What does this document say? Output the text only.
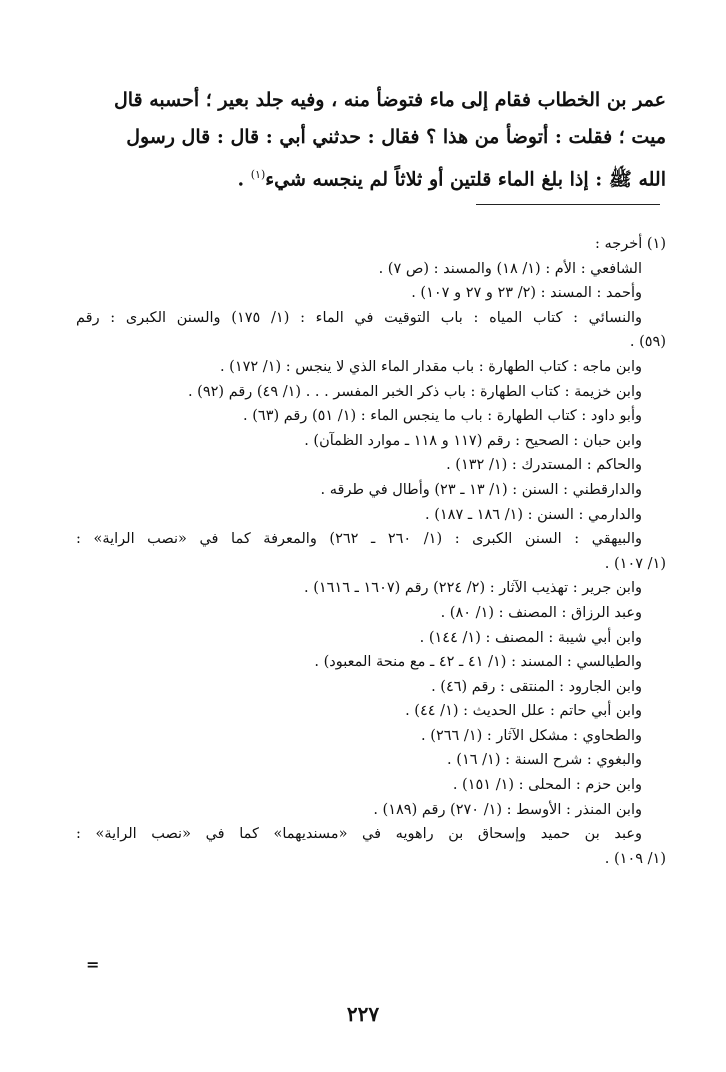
عمر بن الخطاب فقام إلى ماء فتوضأ منه ، وفيه جلد بعير ؛ أحسبه قال
ميت ؛ فقلت : أتوضأ من هذا ؟ فقال : حدثني أبي : قال : قال رسول
الله ﷺ : إذا بلغ الماء قلتين أو ثلاثاً لم ينجسه شيء$^{(١)}$ .
(١) أخرجه :
الشافعي : الأم : (١/ ١٨) والمسند : (ص ٧) .
وأحمد : المسند : (٢/ ٢٣ و ٢٧ و ١٠٧) .
والنسائي : كتاب المياه : باب التوقيت في الماء : (١/ ١٧٥) والسنن الكبرى : رقم
(٥٩) .
وابن ماجه : كتاب الطهارة : باب مقدار الماء الذي لا ينجس : (١/ ١٧٢) .
وابن خزيمة : كتاب الطهارة : باب ذكر الخبر المفسر . . . (١/ ٤٩) رقم (٩٢) .
وأبو داود : كتاب الطهارة : باب ما ينجس الماء : (١/ ٥١) رقم (٦٣) .
وابن حبان : الصحيح : رقم (١١٧ و ١١٨ ـ موارد الظمآن) .
والحاكم : المستدرك : (١/ ١٣٢) .
والدارقطني : السنن : (١/ ١٣ ـ ٢٣) وأطال في طرقه .
والدارمي : السنن : (١/ ١٨٦ ـ ١٨٧) .
والبيهقي : السنن الكبرى : (١/ ٢٦٠ ـ ٢٦٢) والمعرفة كما في «نصب الراية» :
(١/ ١٠٧) .
وابن جرير : تهذيب الآثار : (٢/ ٢٢٤) رقم (١٦٠٧ ـ ١٦١٦) .
وعبد الرزاق : المصنف : (١/ ٨٠) .
وابن أبي شيبة : المصنف : (١/ ١٤٤) .
والطيالسي : المسند : (١/ ٤١ ـ ٤٢ ـ مع منحة المعبود) .
وابن الجارود : المنتقى : رقم (٤٦) .
وابن أبي حاتم : علل الحديث : (١/ ٤٤) .
والطحاوي : مشكل الآثار : (١/ ٢٦٦) .
والبغوي : شرح السنة : (١/ ١٦) .
وابن حزم : المحلى : (١/ ١٥١) .
وابن المنذر : الأوسط : (١/ ٢٧٠) رقم (١٨٩) .
وعبد بن حميد وإسحاق بن راهويه في «مسنديهما» كما في «نصب الراية» :
(١/ ١٠٩) .
=
٢٢٧
